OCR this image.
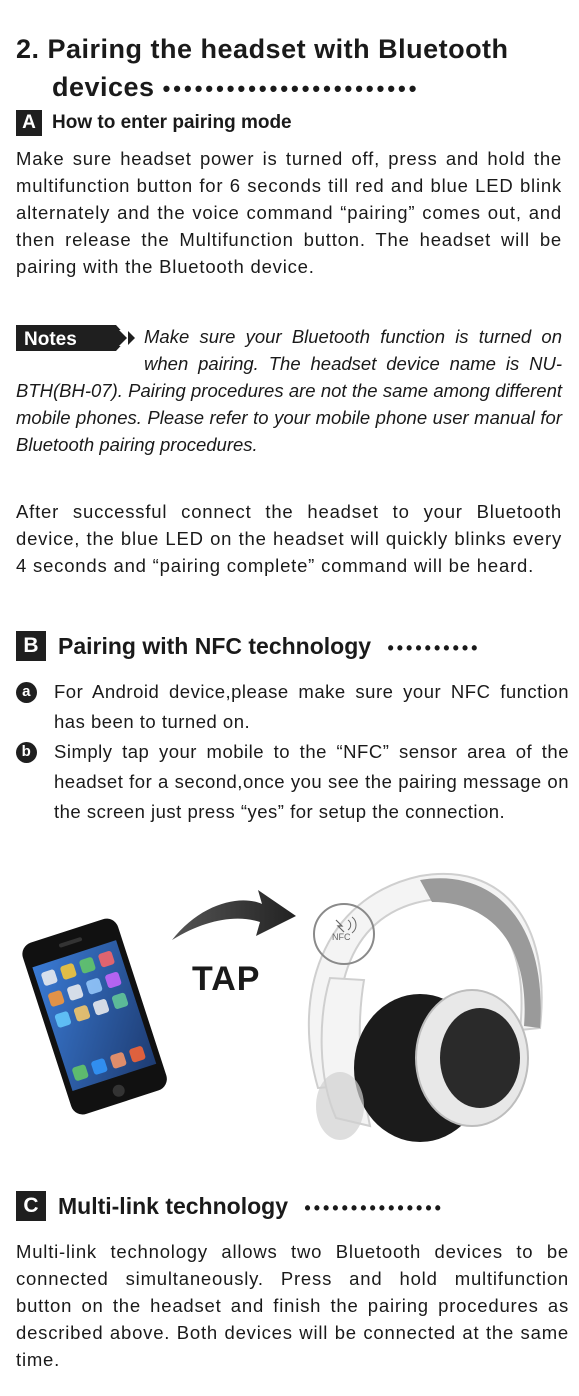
2. Pairing the headset with Bluetooth
devices ••••••••••••••••••••••••
A How to enter pairing mode
Make sure headset power is turned off, press and hold the multifunction button for 6 seconds till red and blue LED blink alternately and the voice command “pairing” comes out, and then release the Multifunction button. The headset will be pairing with the Bluetooth device.
Notes	Make sure your Bluetooth function is turned on when pairing. The headset device name is NU-BTH(BH-07). Pairing procedures are not the same among different mobile phones. Please refer to your mobile phone user manual for Bluetooth pairing procedures.
After successful connect the headset to your Bluetooth device, the blue LED on the headset will quickly blinks every 4 seconds and “pairing complete” command will be heard.
B Pairing with NFC technology ••••••••••
a	For Android device,please make sure your NFC function has been to turned on.
b	Simply tap your mobile to the “NFC” sensor area of the headset for a second,once you see the pairing message on the screen just press “yes” for setup the connection.
NFC
TAP
C Multi-link technology •••••••••••••••
Multi-link technology allows two Bluetooth devices to be connected simultaneously. Press and hold multifunction button on the headset and finish the pairing procedures as described above. Both devices will be connected at the same time.
